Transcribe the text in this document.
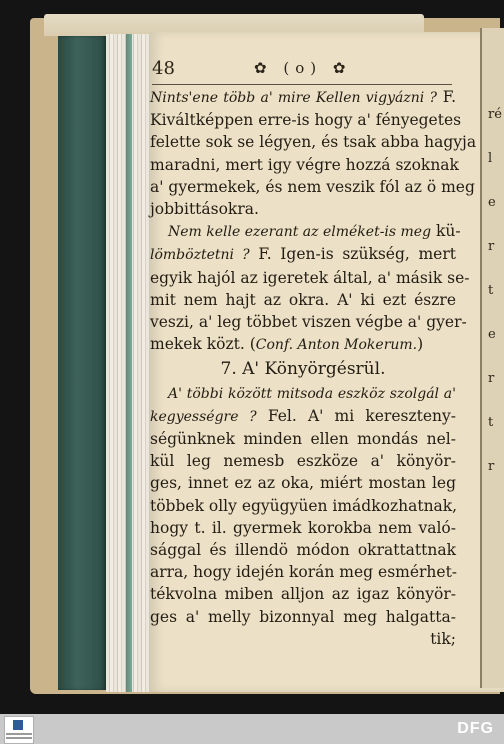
ré
l
e
r
t
e
r
t
r
48	✿ (o) ✿
Nints'ene több a' mire Kellen vigyázni ? F.
Kiváltképpen erre-is hogy a' fényegetes
felette sok se légyen, és tsak abba hagyja
maradni, mert igy végre hozzá szoknak
a' gyermekek, és nem veszik fól az ö meg
jobbittásokra.
Nem kelle ezerant az elméket-is meg kü-
lömböztetni ? F. Igen-is szükség, mert
egyik hajól az igeretek által, a' másik se-
mit nem hajt az okra. A' ki ezt észre
veszi, a' leg többet viszen végbe a' gyer-
mekek közt. (Conf. Anton Mokerum.)
7. A' Könyörgésrül.
A' többi között mitsoda eszköz szolgál a'
kegyességre ? Fel. A' mi kereszteny-
ségünknek minden ellen mondás nel-
kül leg nemesb eszköze a' könyör-
ges, innet ez az oka, miért mostan leg
többek olly együgyüen imádkozhatnak,
hogy t. il. gyermek korokba nem való-
sággal és illendö módon okrattattnak
arra, hogy idején korán meg esmérhet-
tékvolna miben alljon az igaz könyör-
ges a' melly bizonnyal meg halgatta-
tik;
DFG
